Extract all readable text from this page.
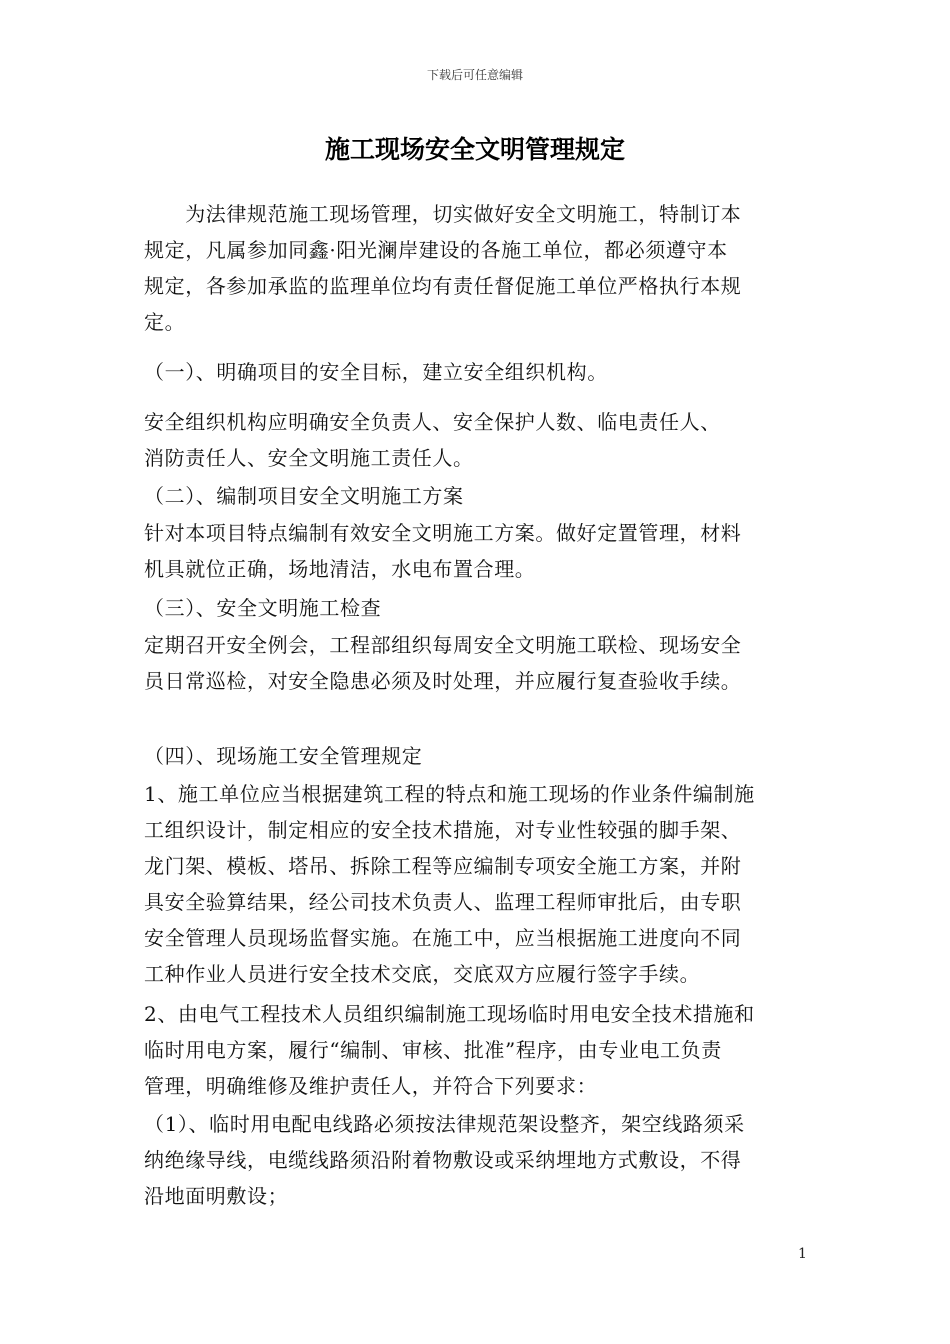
下载后可任意编辑
施工现场安全文明管理规定
　　为法律规范施工现场管理，切实做好安全文明施工，特制订本
规定，凡属参加同鑫·阳光澜岸建设的各施工单位，都必须遵守本
规定，各参加承监的监理单位均有责任督促施工单位严格执行本规
定。
（一）、明确项目的安全目标，建立安全组织机构。
安全组织机构应明确安全负责人、安全保护人数、临电责任人、
消防责任人、安全文明施工责任人。
（二）、编制项目安全文明施工方案
针对本项目特点编制有效安全文明施工方案。做好定置管理，材料
机具就位正确，场地清洁，水电布置合理。
（三）、安全文明施工检查
定期召开安全例会，工程部组织每周安全文明施工联检、现场安全
员日常巡检，对安全隐患必须及时处理，并应履行复查验收手续。
（四）、现场施工安全管理规定
1、施工单位应当根据建筑工程的特点和施工现场的作业条件编制施
工组织设计，制定相应的安全技术措施，对专业性较强的脚手架、
龙门架、模板、塔吊、拆除工程等应编制专项安全施工方案，并附
具安全验算结果，经公司技术负责人、监理工程师审批后，由专职
安全管理人员现场监督实施。在施工中，应当根据施工进度向不同
工种作业人员进行安全技术交底，交底双方应履行签字手续。
2、由电气工程技术人员组织编制施工现场临时用电安全技术措施和
临时用电方案，履行“编制、审核、批准”程序，由专业电工负责
管理，明确维修及维护责任人，并符合下列要求：
（1）、临时用电配电线路必须按法律规范架设整齐，架空线路须采
纳绝缘导线，电缆线路须沿附着物敷设或采纳埋地方式敷设，不得
沿地面明敷设；
1
